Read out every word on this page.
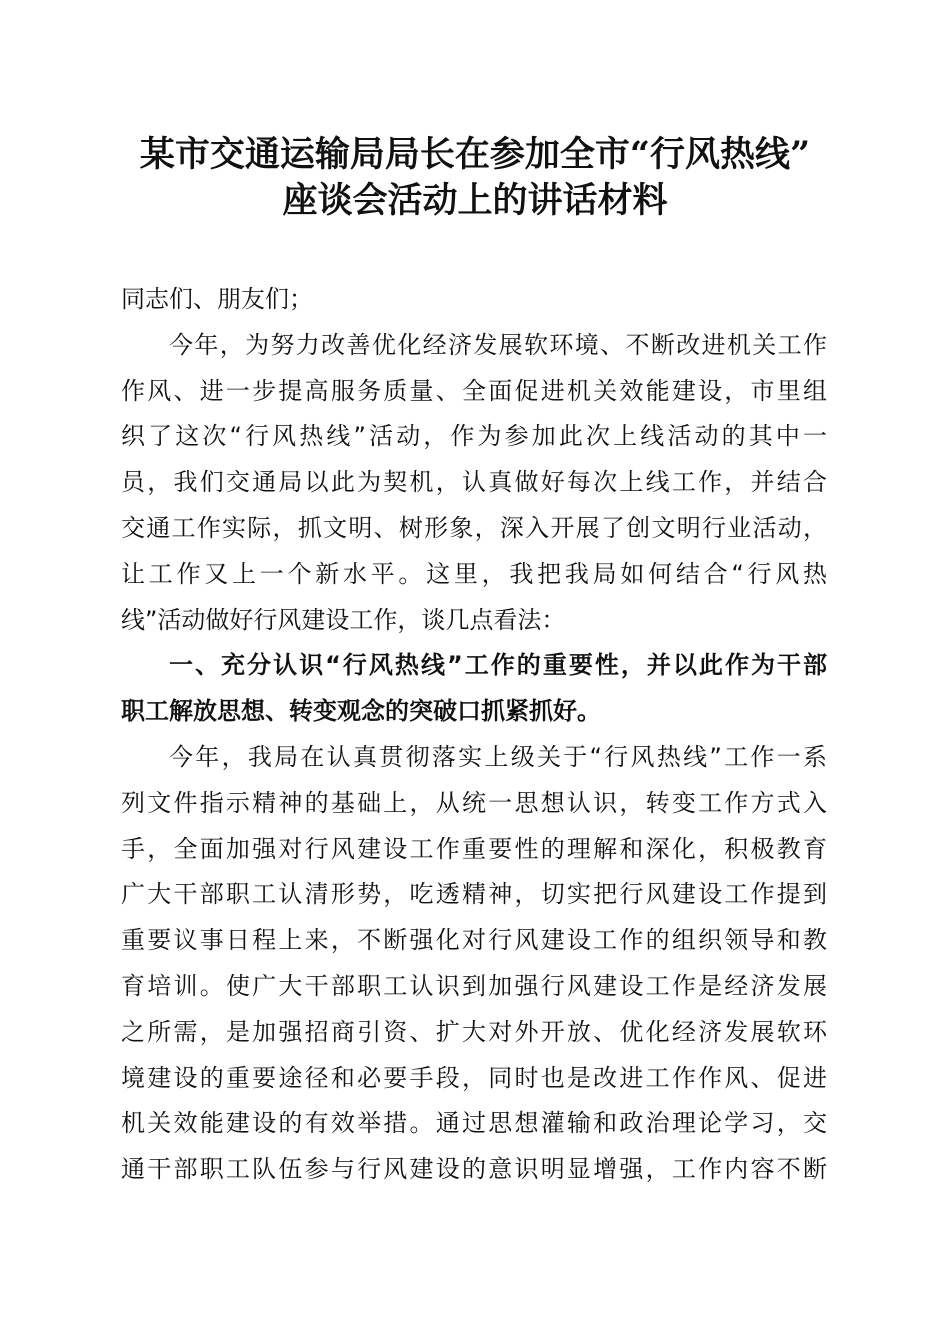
某市交通运输局局长在参加全市“行风热线”
座谈会活动上的讲话材料
同志们、朋友们；
今年，为努力改善优化经济发展软环境、不断改进机关工作
作风、进一步提高服务质量、全面促进机关效能建设，市里组
织了这次“行风热线”活动，作为参加此次上线活动的其中一
员，我们交通局以此为契机，认真做好每次上线工作，并结合
交通工作实际，抓文明、树形象，深入开展了创文明行业活动，
让工作又上一个新水平。这里，我把我局如何结合“行风热
线”活动做好行风建设工作，谈几点看法：
一、充分认识“行风热线”工作的重要性，并以此作为干部
职工解放思想、转变观念的突破口抓紧抓好。
今年，我局在认真贯彻落实上级关于“行风热线”工作一系
列文件指示精神的基础上，从统一思想认识，转变工作方式入
手，全面加强对行风建设工作重要性的理解和深化，积极教育
广大干部职工认清形势，吃透精神，切实把行风建设工作提到
重要议事日程上来，不断强化对行风建设工作的组织领导和教
育培训。使广大干部职工认识到加强行风建设工作是经济发展
之所需，是加强招商引资、扩大对外开放、优化经济发展软环
境建设的重要途径和必要手段，同时也是改进工作作风、促进
机关效能建设的有效举措。通过思想灌输和政治理论学习，交
通干部职工队伍参与行风建设的意识明显增强，工作内容不断
